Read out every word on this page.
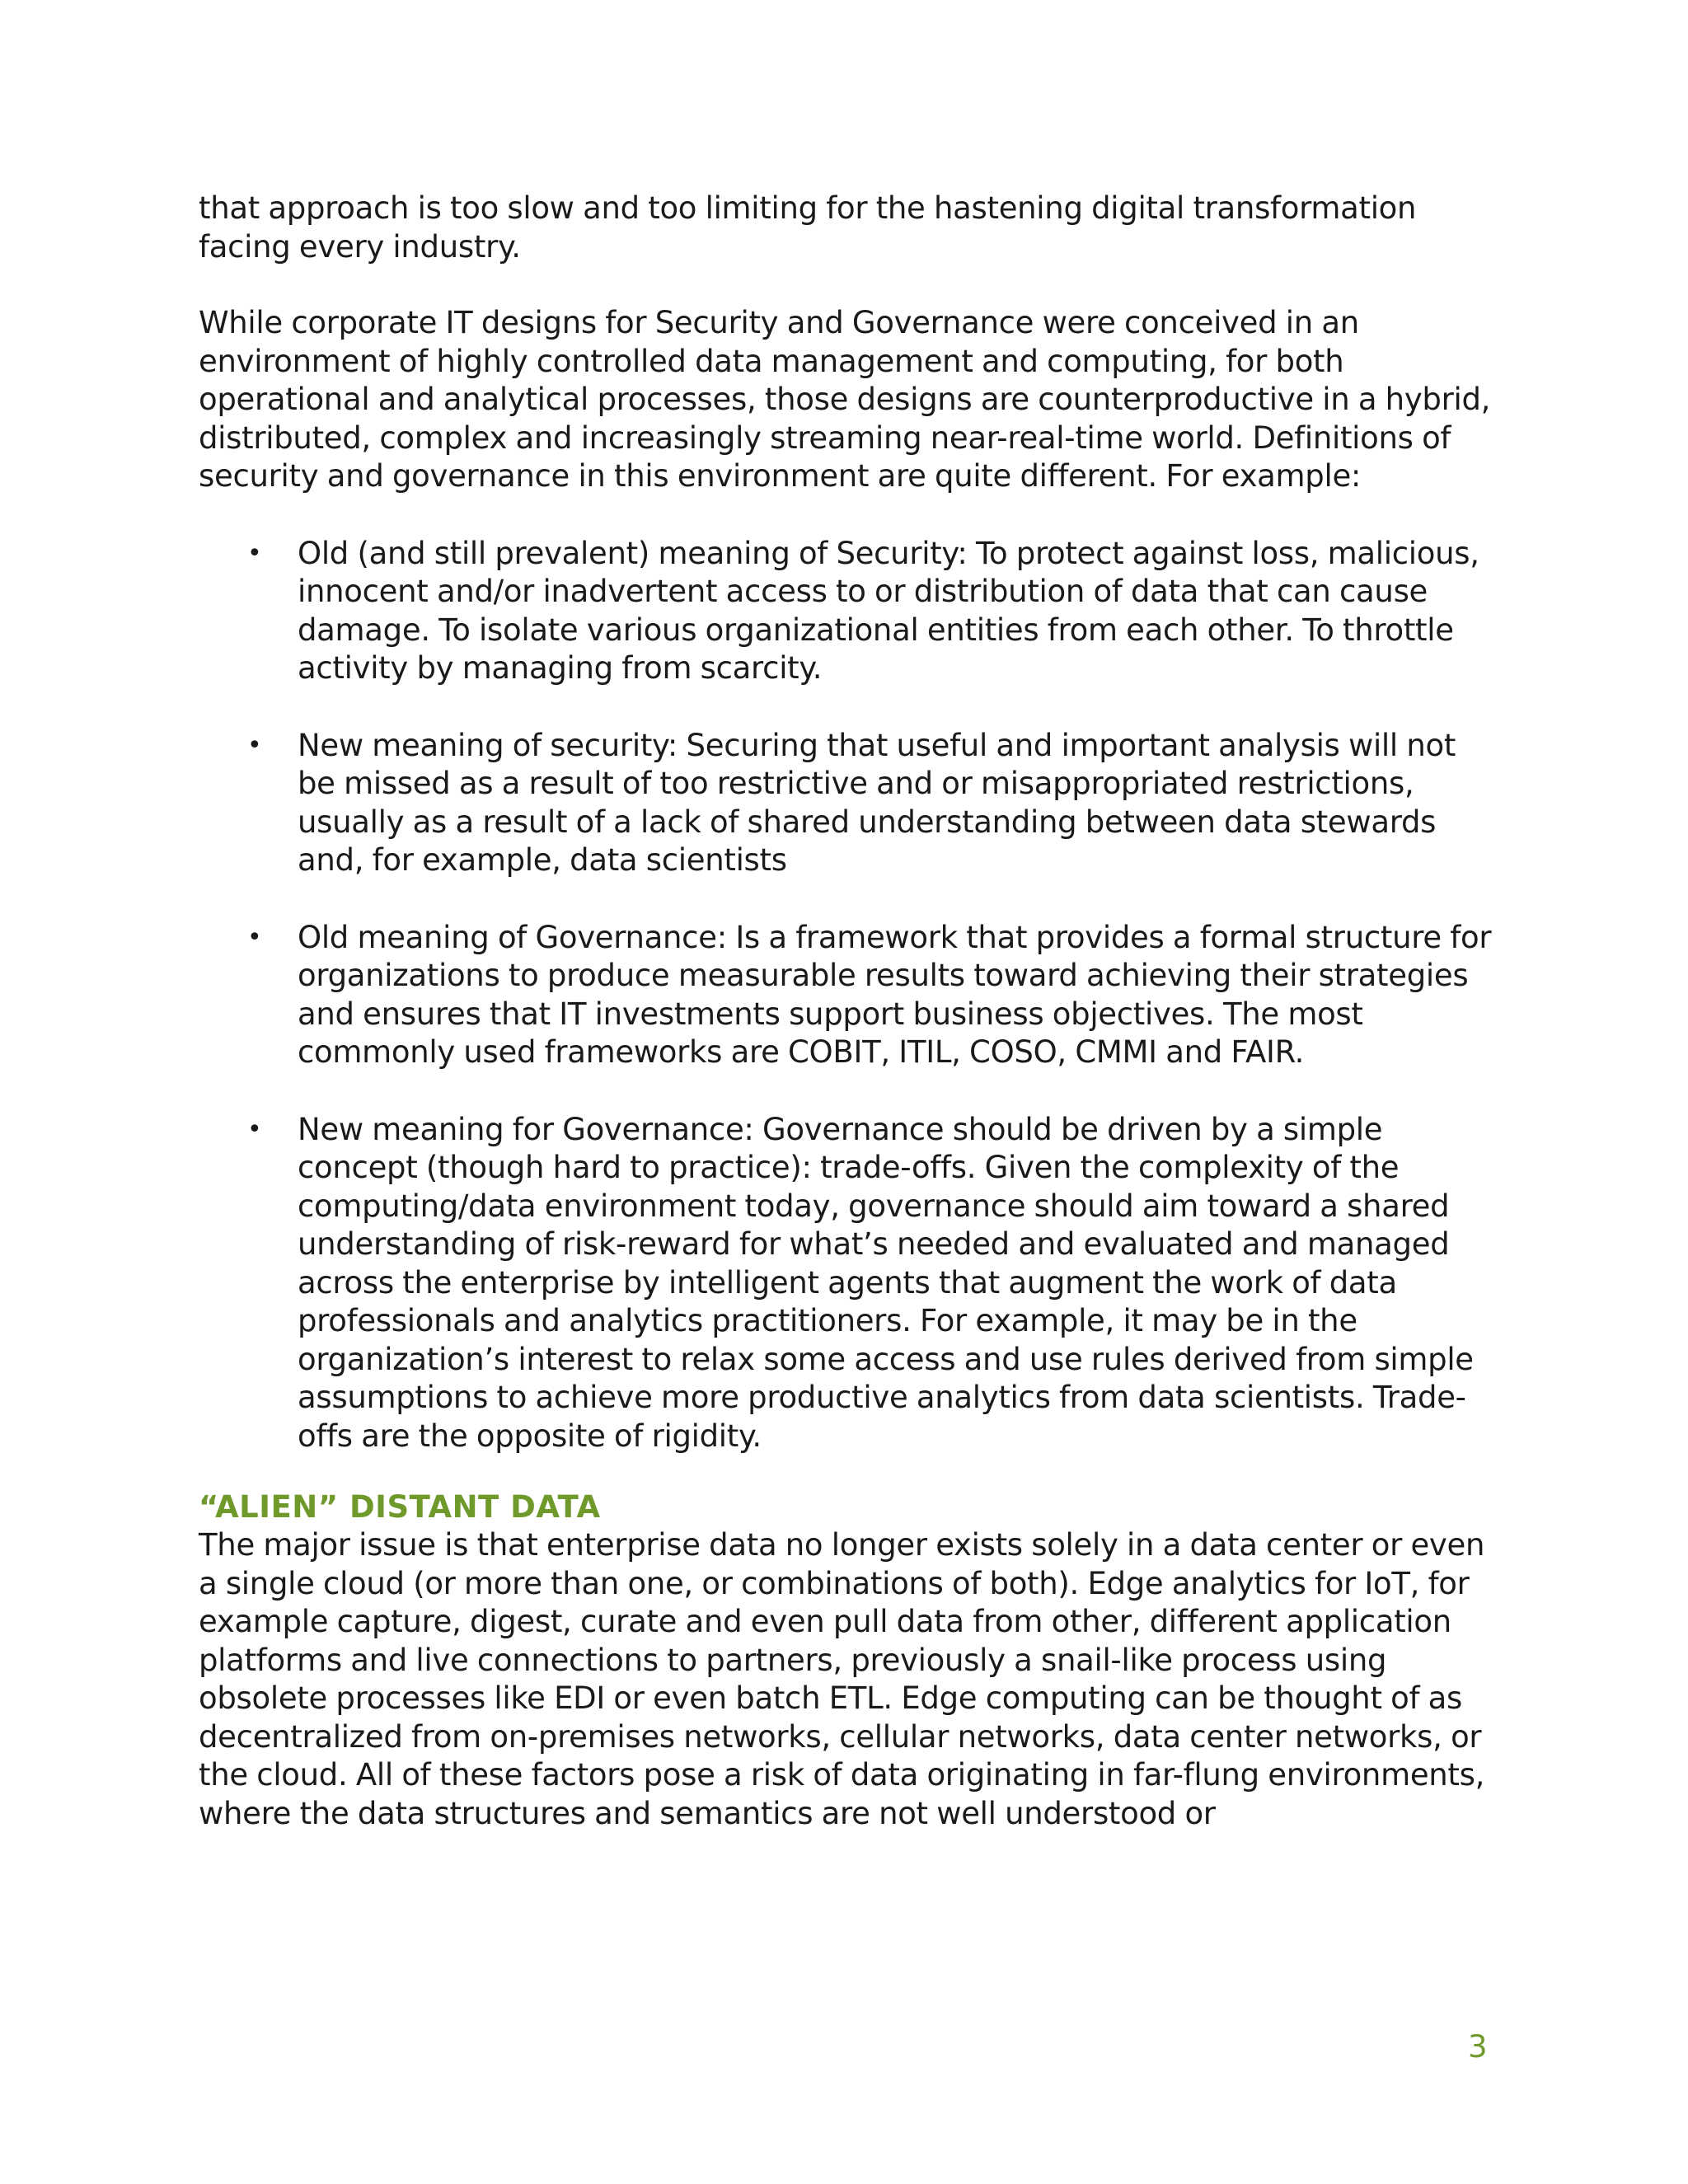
that approach is too slow and too limiting for the hastening digital transformation facing every industry.

While corporate IT designs for Security and Governance were conceived in an environment of highly controlled data management and computing, for both operational and analytical processes, those designs are counterproductive in a hybrid, distributed, complex and increasingly streaming near-real-time world. Definitions of security and governance in this environment are quite different. For example:

• Old (and still prevalent) meaning of Security: To protect against loss, malicious, innocent and/or inadvertent access to or distribution of data that can cause damage. To isolate various organizational entities from each other. To throttle activity by managing from scarcity.
• New meaning of security: Securing that useful and important analysis will not be missed as a result of too restrictive and or misappropriated restrictions, usually as a result of a lack of shared understanding between data stewards and, for example, data scientists
• Old meaning of Governance: Is a framework that provides a formal structure for organizations to produce measurable results toward achieving their strategies and ensures that IT investments support business objectives. The most commonly used frameworks are COBIT, ITIL, COSO, CMMI and FAIR.
• New meaning for Governance: Governance should be driven by a simple concept (though hard to practice): trade-offs. Given the complexity of the computing/data environment today, governance should aim toward a shared understanding of risk-reward for what’s needed and evaluated and managed across the enterprise by intelligent agents that augment the work of data professionals and analytics practitioners. For example, it may be in the organization’s interest to relax some access and use rules derived from simple assumptions to achieve more productive analytics from data scientists. Trade-offs are the opposite of rigidity.
“ALIEN” DISTANT DATA

The major issue is that enterprise data no longer exists solely in a data center or even a single cloud (or more than one, or combinations of both). Edge analytics for IoT, for example capture, digest, curate and even pull data from other, different application platforms and live connections to partners, previously a snail-like process using obsolete processes like EDI or even batch ETL. Edge computing can be thought of as decentralized from on-premises networks, cellular networks, data center networks, or the cloud. All of these factors pose a risk of data originating in far-flung environments, where the data structures and semantics are not well understood or

3
